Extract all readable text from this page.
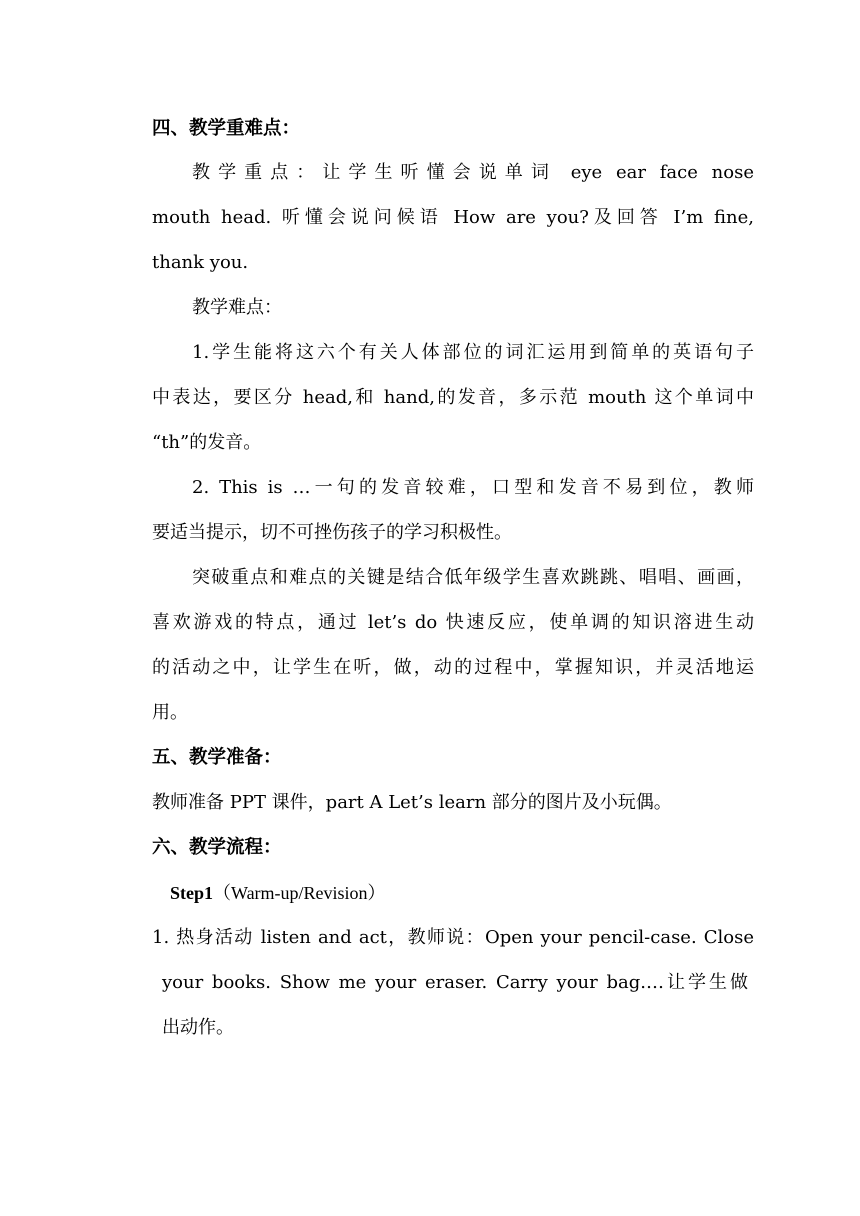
四、教学重难点：
教学重点：让学生听懂会说单词 eye ear face nose
mouth head. 听懂会说问候语 How are you?及回答 I’m fine,
thank you.
教学难点：
1.学生能将这六个有关人体部位的词汇运用到简单的英语句子
中表达，要区分 head,和 hand,的发音，多示范 mouth 这个单词中
“th”的发音。
2. This is …一句的发音较难，口型和发音不易到位，教师
要适当提示，切不可挫伤孩子的学习积极性。
突破重点和难点的关键是结合低年级学生喜欢跳跳、唱唱、画画，
喜欢游戏的特点，通过 let’s do 快速反应，使单调的知识溶进生动
的活动之中，让学生在听，做，动的过程中，掌握知识，并灵活地运
用。
五、教学准备：
教师准备 PPT 课件，part A Let’s learn 部分的图片及小玩偶。
六、教学流程：
Step1（Warm-up/Revision）
1. 热身活动 listen and act，教师说：Open your pencil-case. Close
your books. Show me your eraser. Carry your bag.…让学生做
出动作。
